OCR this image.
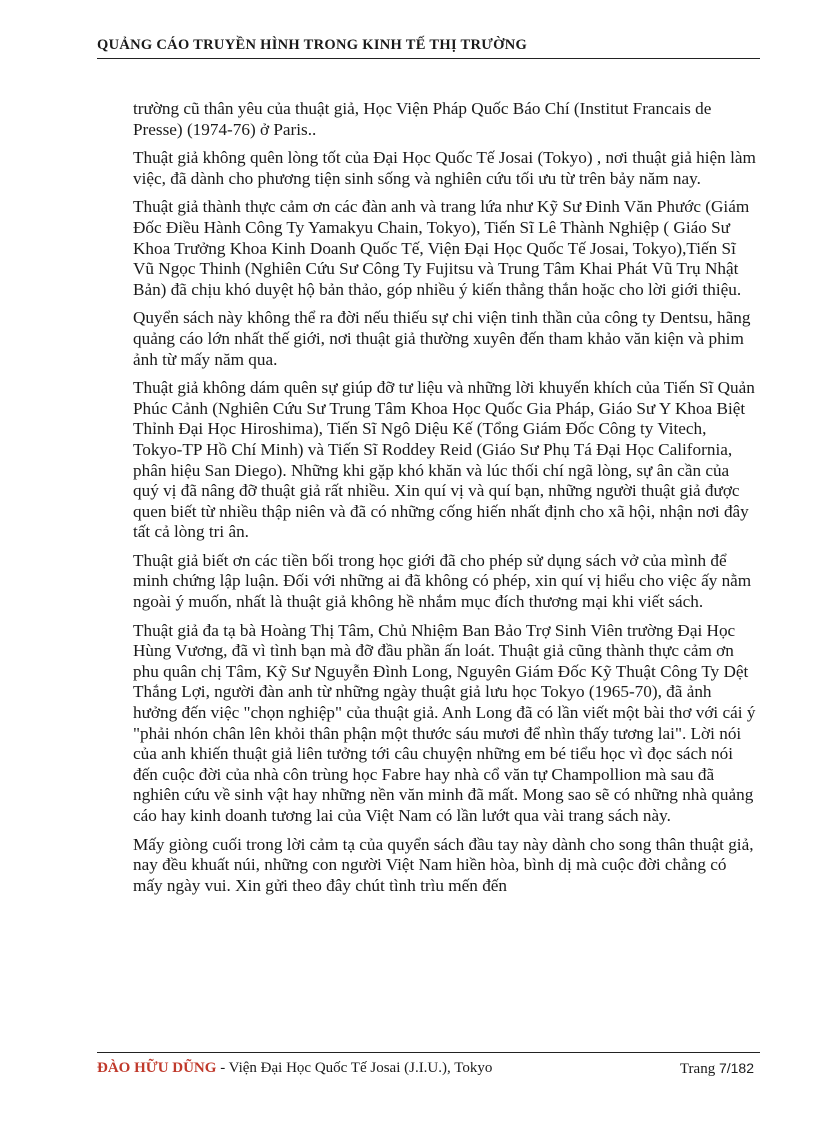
QUẢNG CÁO TRUYỀN HÌNH TRONG KINH TẾ THỊ TRƯỜNG

trường cũ thân yêu của thuật giả, Học Viện Pháp Quốc Báo Chí (Institut Francais de Presse) (1974-76) ở Paris..

Thuật giả không quên lòng tốt của Đại Học Quốc Tế Josai (Tokyo) , nơi thuật giả hiện làm việc, đã dành cho phương tiện sinh sống và nghiên cứu tối ưu từ trên bảy năm nay.

Thuật giả thành thực cảm ơn các đàn anh và trang lứa như Kỹ Sư Đinh Văn Phước (Giám Đốc Điều Hành Công Ty Yamakyu Chain, Tokyo), Tiến Sĩ Lê Thành Nghiệp ( Giáo Sư Khoa Trưởng Khoa Kinh Doanh Quốc Tế, Viện Đại Học Quốc Tế Josai, Tokyo),Tiến Sĩ Vũ Ngọc Thinh (Nghiên Cứu Sư Công Ty Fujitsu và Trung Tâm Khai Phát Vũ Trụ Nhật Bản) đã chịu khó duyệt hộ bản thảo, góp nhiều ý kiến thẳng thắn hoặc cho lời giới thiệu.

Quyển sách này không thể ra đời nếu thiếu sự chi viện tinh thần của công ty Dentsu, hãng quảng cáo lớn nhất thế giới, nơi thuật giả thường xuyên đến tham khảo văn kiện và phim ảnh từ mấy năm qua.

Thuật giả không dám quên sự giúp đỡ tư liệu và những lời khuyến khích của Tiến Sĩ Quản Phúc Cảnh (Nghiên Cứu Sư Trung Tâm Khoa Học Quốc Gia Pháp, Giáo Sư Y Khoa Biệt Thỉnh Đại Học Hiroshima), Tiến Sĩ Ngô Diệu Kế (Tổng Giám Đốc Công ty Vitech, Tokyo-TP Hồ Chí Minh) và Tiến Sĩ Roddey Reid (Giáo Sư Phụ Tá Đại Học California, phân hiệu San Diego). Những khi gặp khó khăn và lúc thối chí ngã lòng, sự ân cần của quý vị đã nâng đỡ thuật giả rất nhiều. Xin quí vị và quí bạn, những người thuật giả được quen biết từ nhiều thập niên và đã có những cống hiến nhất định cho xã hội, nhận nơi đây tất cả lòng tri ân.

Thuật giả biết ơn các tiền bối trong học giới đã cho phép sử dụng sách vở của mình để minh chứng lập luận. Đối với những ai đã không có phép, xin quí vị hiểu cho việc ấy nằm ngoài ý muốn, nhất là thuật giả không hề nhắm mục đích thương mại khi viết sách.

Thuật giả đa tạ bà Hoàng Thị Tâm, Chủ Nhiệm Ban Bảo Trợ Sinh Viên trường Đại Học Hùng Vương, đã vì tình bạn mà đỡ đầu phần ấn loát. Thuật giả cũng thành thực cảm ơn phu quân chị Tâm, Kỹ Sư Nguyễn Đình Long, Nguyên Giám Đốc Kỹ Thuật Công Ty Dệt Thắng Lợi, người đàn anh từ những ngày thuật giả lưu học Tokyo (1965-70), đã ảnh hưởng đến việc "chọn nghiệp" của thuật giả. Anh Long đã có lần viết một bài thơ với cái ý "phải nhón chân lên khỏi thân phận một thước sáu mươi để nhìn thấy tương lai". Lời nói của anh khiến thuật giả liên tưởng tới câu chuyện những em bé tiểu học vì đọc sách nói đến cuộc đời của nhà côn trùng học Fabre hay nhà cổ văn tự Champollion mà sau đã nghiên cứu về sinh vật hay những nền văn minh đã mất. Mong sao sẽ có những nhà quảng cáo hay kinh doanh tương lai của Việt Nam có lần lướt qua vài trang sách này.

Mấy giòng cuối trong lời cảm tạ của quyển sách đầu tay này dành cho song thân thuật giả, nay đều khuất núi, những con người Việt Nam hiền hòa, bình dị mà cuộc đời chẳng có mấy ngày vui. Xin gửi theo đây chút tình trìu mến đến

ĐÀO HỮU DŨNG - Viện Đại Học Quốc Tế Josai (J.I.U.), Tokyo	Trang 7/182
